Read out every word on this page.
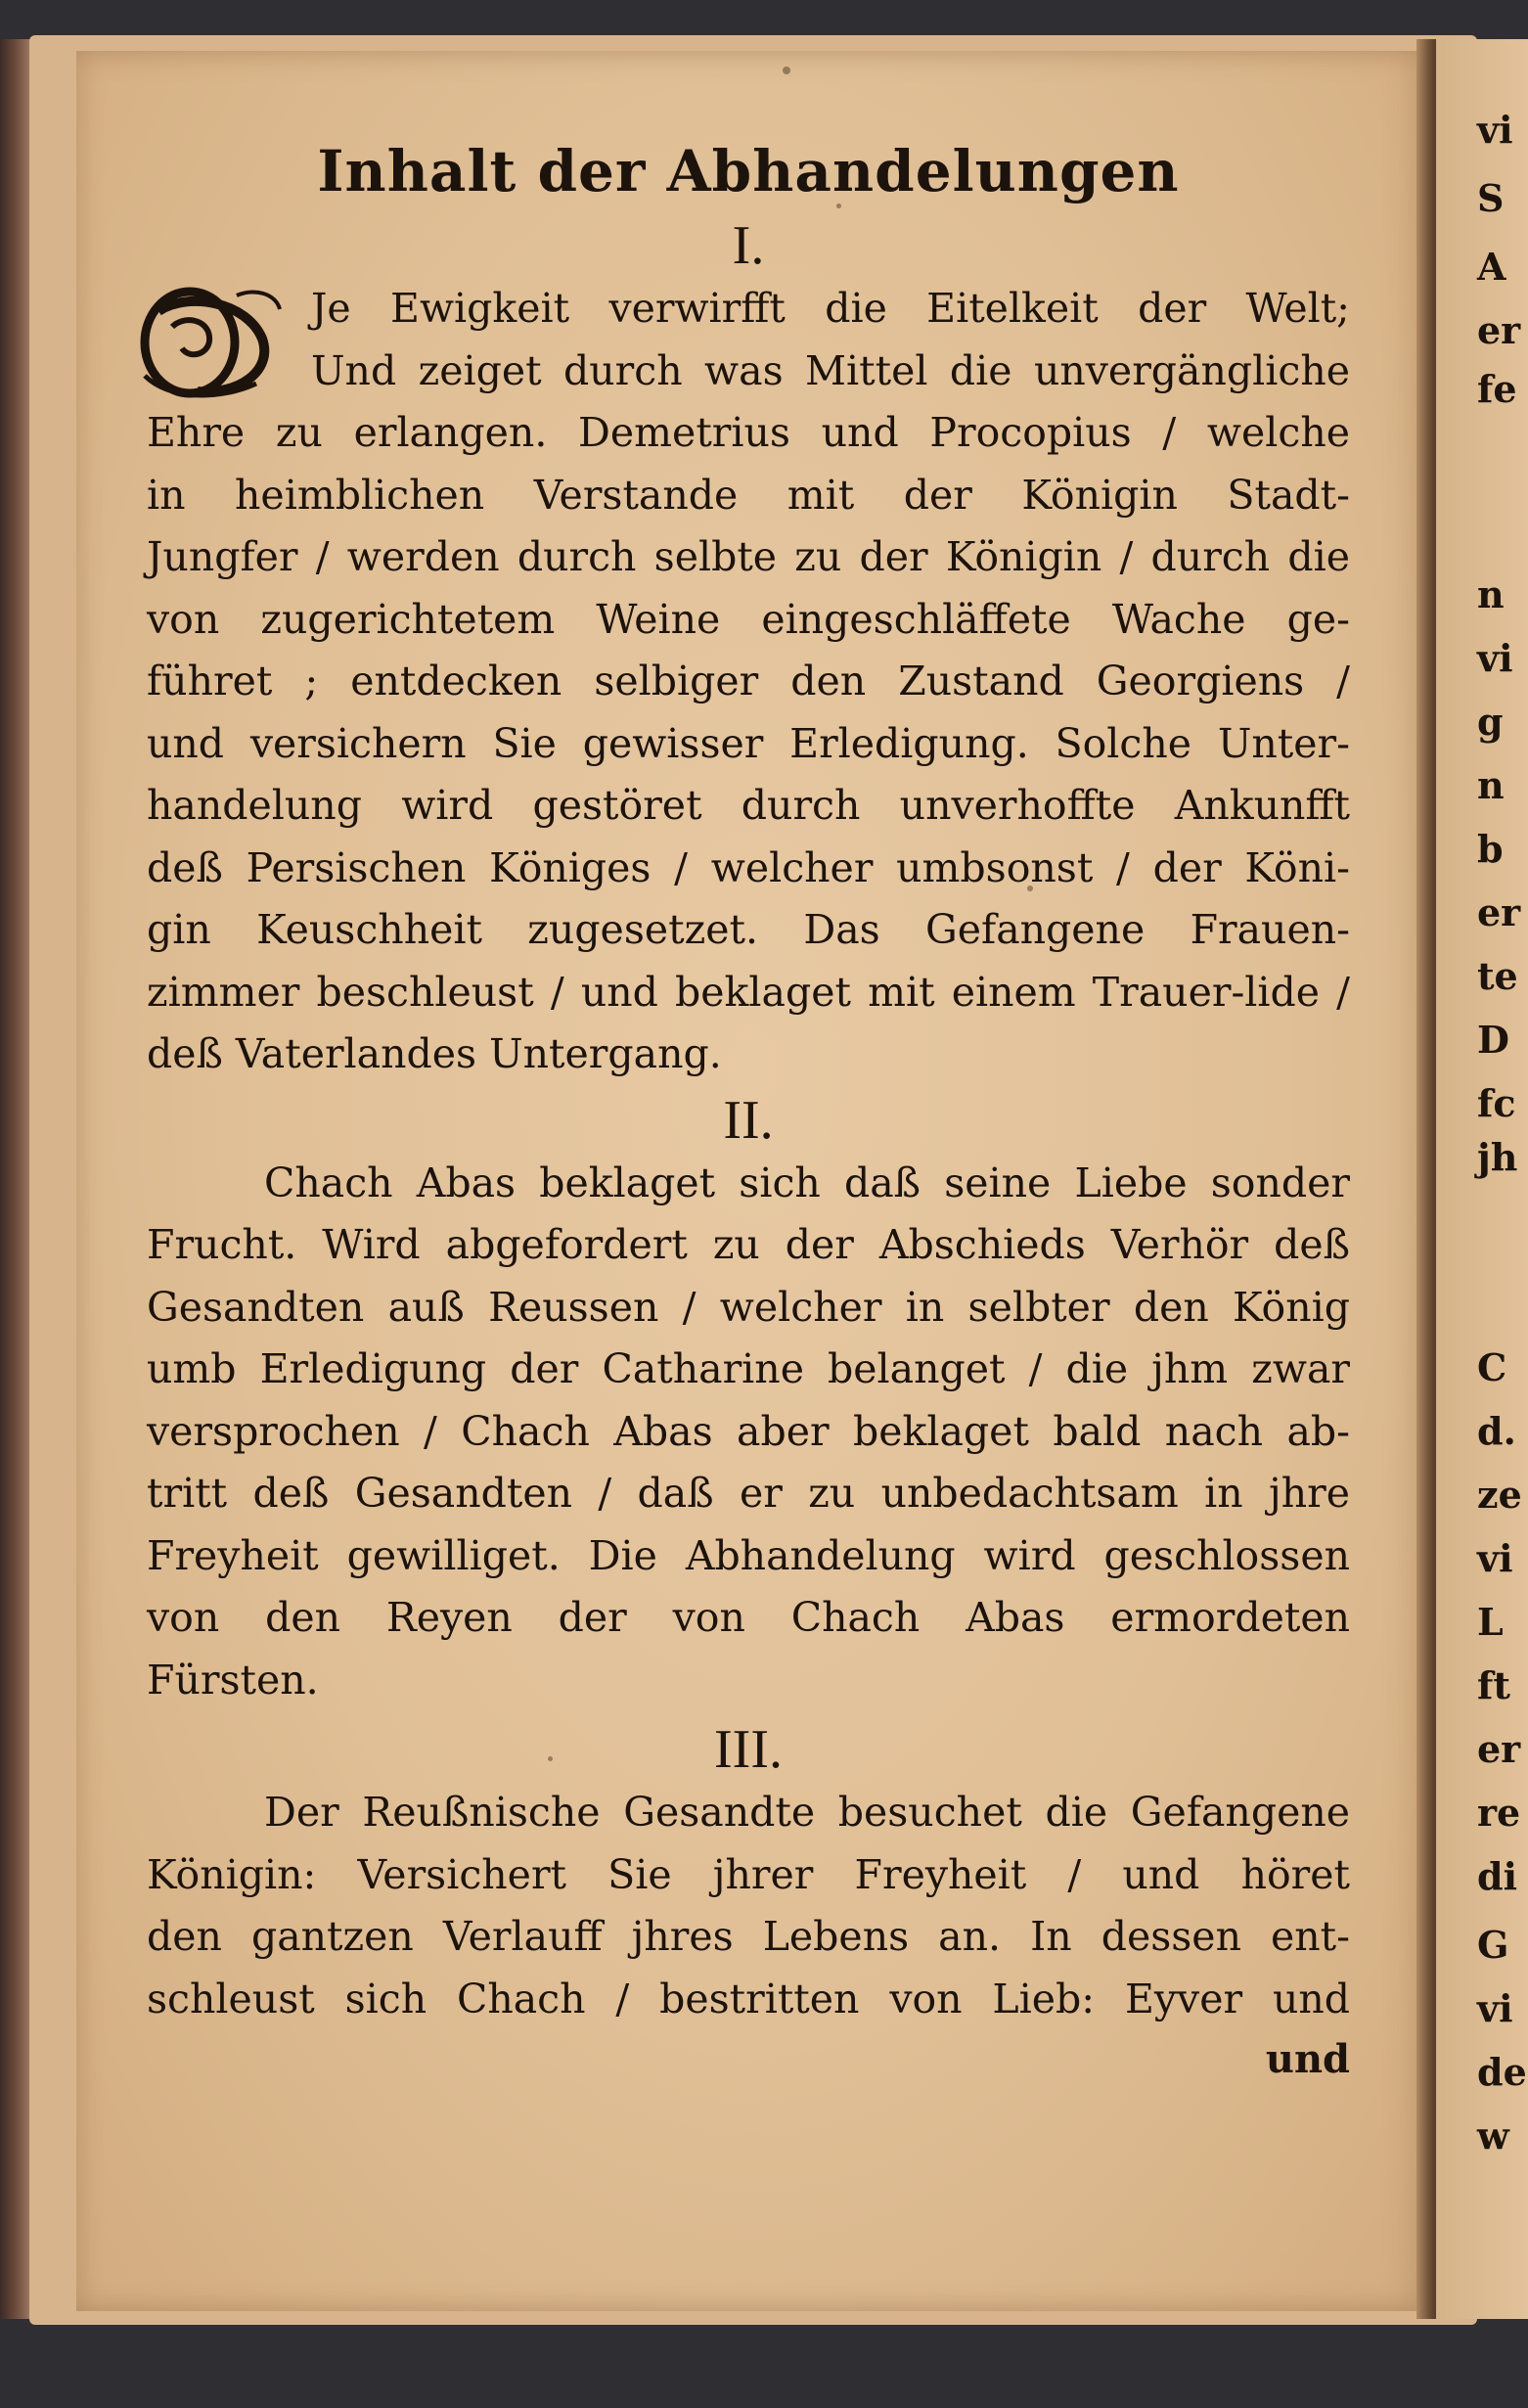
vi
S
A
er
fe
n
vi
g
n
b
er
te
D
fc
jh
C
d.
ze
vi
L
ft
er
re
di
G
vi
de
w
Inhalt der Abhandelungen
I.
Je Ewigkeit verwirfft die Eitelkeit der Welt;
Und zeiget durch was Mittel die unvergängliche
Ehre zu erlangen. Demetrius und Procopius / welche
in heimblichen Verstande mit der Königin Stadt-
Jungfer / werden durch selbte zu der Königin / durch die
von zugerichtetem Weine eingeschläffete Wache ge-
führet ; entdecken selbiger den Zustand Georgiens /
und versichern Sie gewisser Erledigung. Solche Unter-
handelung wird gestöret durch unverhoffte Ankunfft
deß Persischen Königes / welcher umbsonst / der Köni-
gin Keuschheit zugesetzet. Das Gefangene Frauen-
zimmer beschleust / und beklaget mit einem Trauer-lide /
deß Vaterlandes Untergang.
II.
Chach Abas beklaget sich daß seine Liebe sonder
Frucht. Wird abgefordert zu der Abschieds Verhör deß
Gesandten auß Reussen / welcher in selbter den König
umb Erledigung der Catharine belanget / die jhm zwar
versprochen / Chach Abas aber beklaget bald nach ab-
tritt deß Gesandten / daß er zu unbedachtsam in jhre
Freyheit gewilliget. Die Abhandelung wird geschlossen
von den Reyen der von Chach Abas ermordeten
Fürsten.
III.
Der Reußnische Gesandte besuchet die Gefangene
Königin: Versichert Sie jhrer Freyheit / und höret
den gantzen Verlauff jhres Lebens an. In dessen ent-
schleust sich Chach / bestritten von Lieb: Eyver und
und
